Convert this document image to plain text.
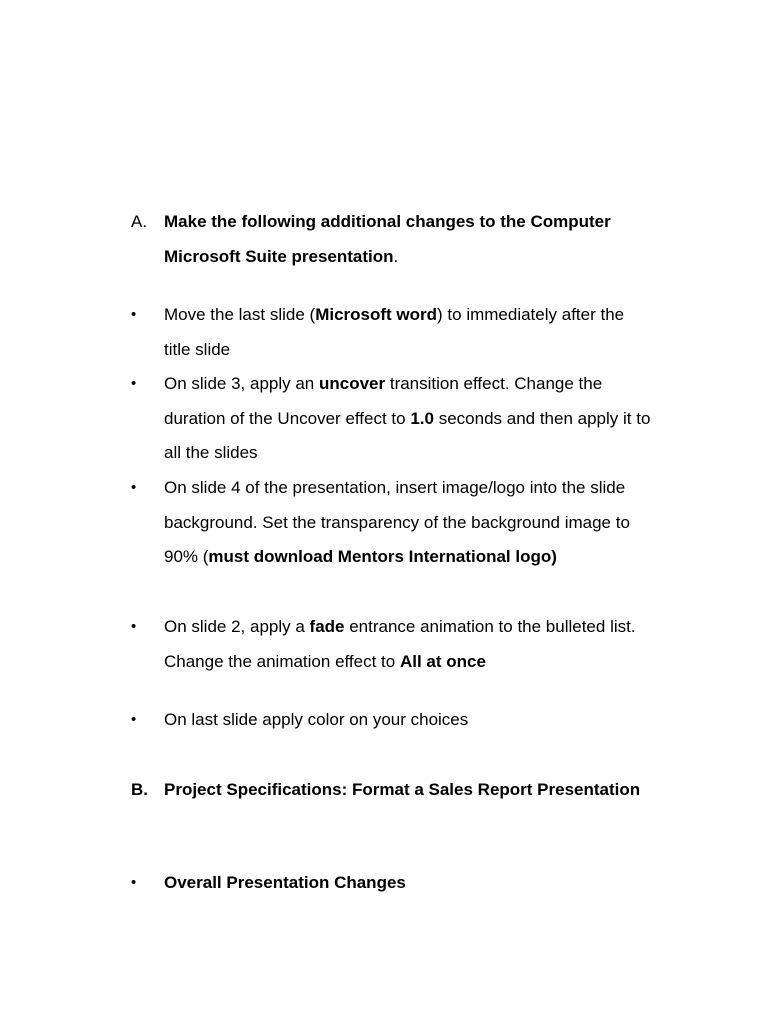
A. Make the following additional changes to the Computer Microsoft Suite presentation.
•	Move the last slide (Microsoft word) to immediately after the title slide
•	On slide 3, apply an uncover transition effect. Change the duration of the Uncover effect to 1.0 seconds and then apply it to all the slides
•	On slide 4 of the presentation, insert image/logo into the slide background. Set the transparency of the background image to 90% (must download Mentors International logo)
•	On slide 2, apply a fade entrance animation to the bulleted list. Change the animation effect to All at once
•	On last slide apply color on your choices
B. Project Specifications: Format a Sales Report Presentation
•	Overall Presentation Changes
